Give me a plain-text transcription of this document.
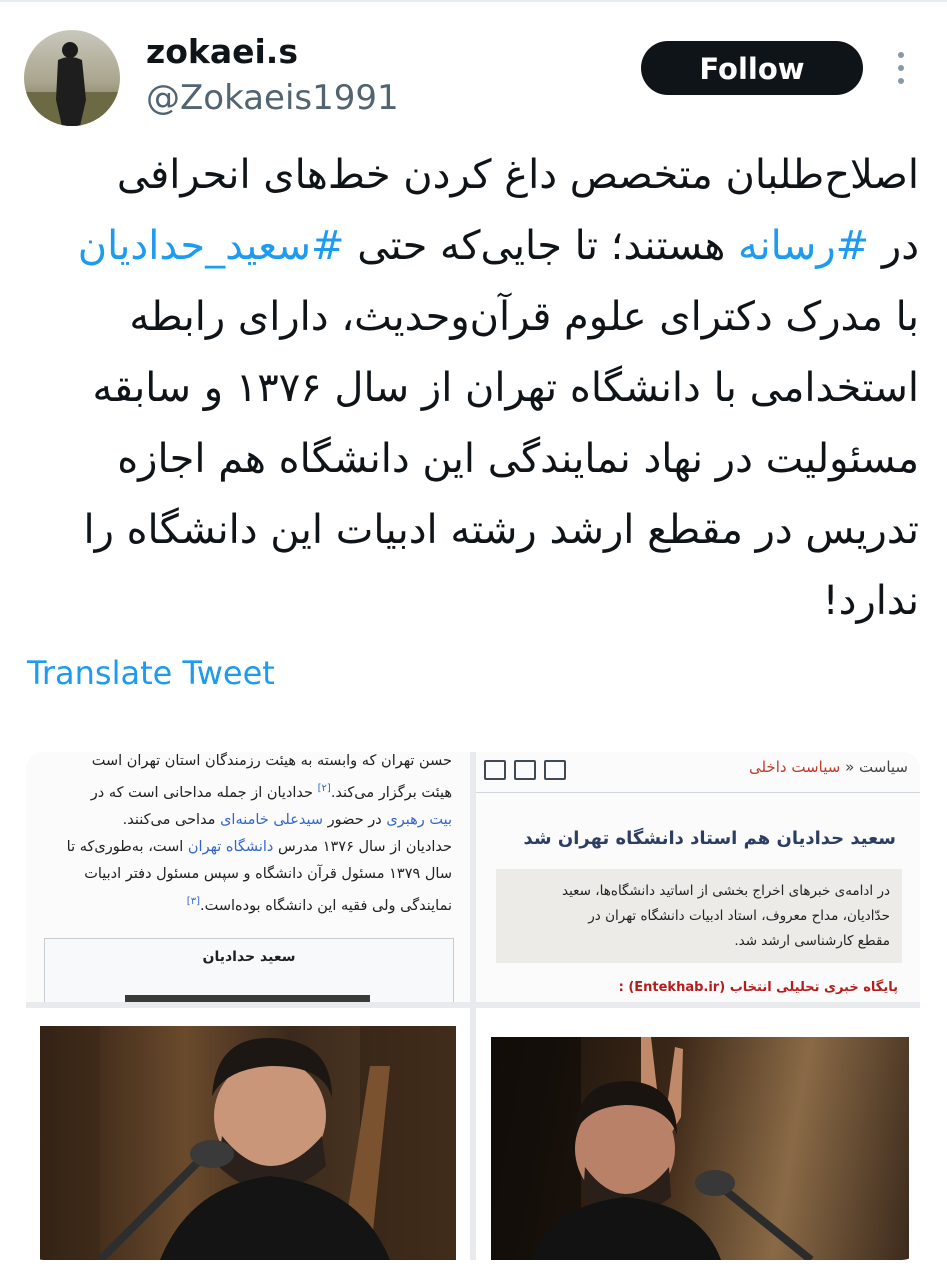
zokaei.s
@Zokaeis1991
Follow
اصلاح‌طلبان متخصص داغ کردن خط‌های انحرافی
در #رسانه هستند؛ تا جایی‌که حتی #سعید_حدادیان
با مدرک دکترای علوم قرآن‌وحدیث، دارای رابطه
استخدامی با دانشگاه تهران از سال ۱۳۷۶ و سابقه
مسئولیت در نهاد نمایندگی این دانشگاه هم اجازه
تدریس در مقطع ارشد رشته ادبیات این دانشگاه را
ندارد!
Translate Tweet
حسن تهران که وابسته به هیئت رزمندگان استان تهران است
هیئت برگزار می‌کند.[۲] حدادیان از جمله مداحانی است که در
بیت رهبری در حضور سیدعلی خامنه‌ای مداحی می‌کنند.
حدادیان از سال ۱۳۷۶ مدرس دانشگاه تهران است، به‌طوری‌که تا
سال ۱۳۷۹ مسئول قرآن دانشگاه و سپس مسئول دفتر ادبیات
نمایندگی ولی فقیه این دانشگاه بوده‌است.[۳]
سعید حدادیان
سیاست « سیاست داخلی
سعید حدادیان هم استاد دانشگاه تهران شد
در ادامه‌ی خبرهای اخراج بخشی از اساتید دانشگاه‌ها، سعید
حدّادیان، مداح معروف، استاد ادبیات دانشگاه تهران در
مقطع کارشناسی ارشد شد.
پایگاه خبری تحلیلی انتخاب (Entekhab.ir) :
